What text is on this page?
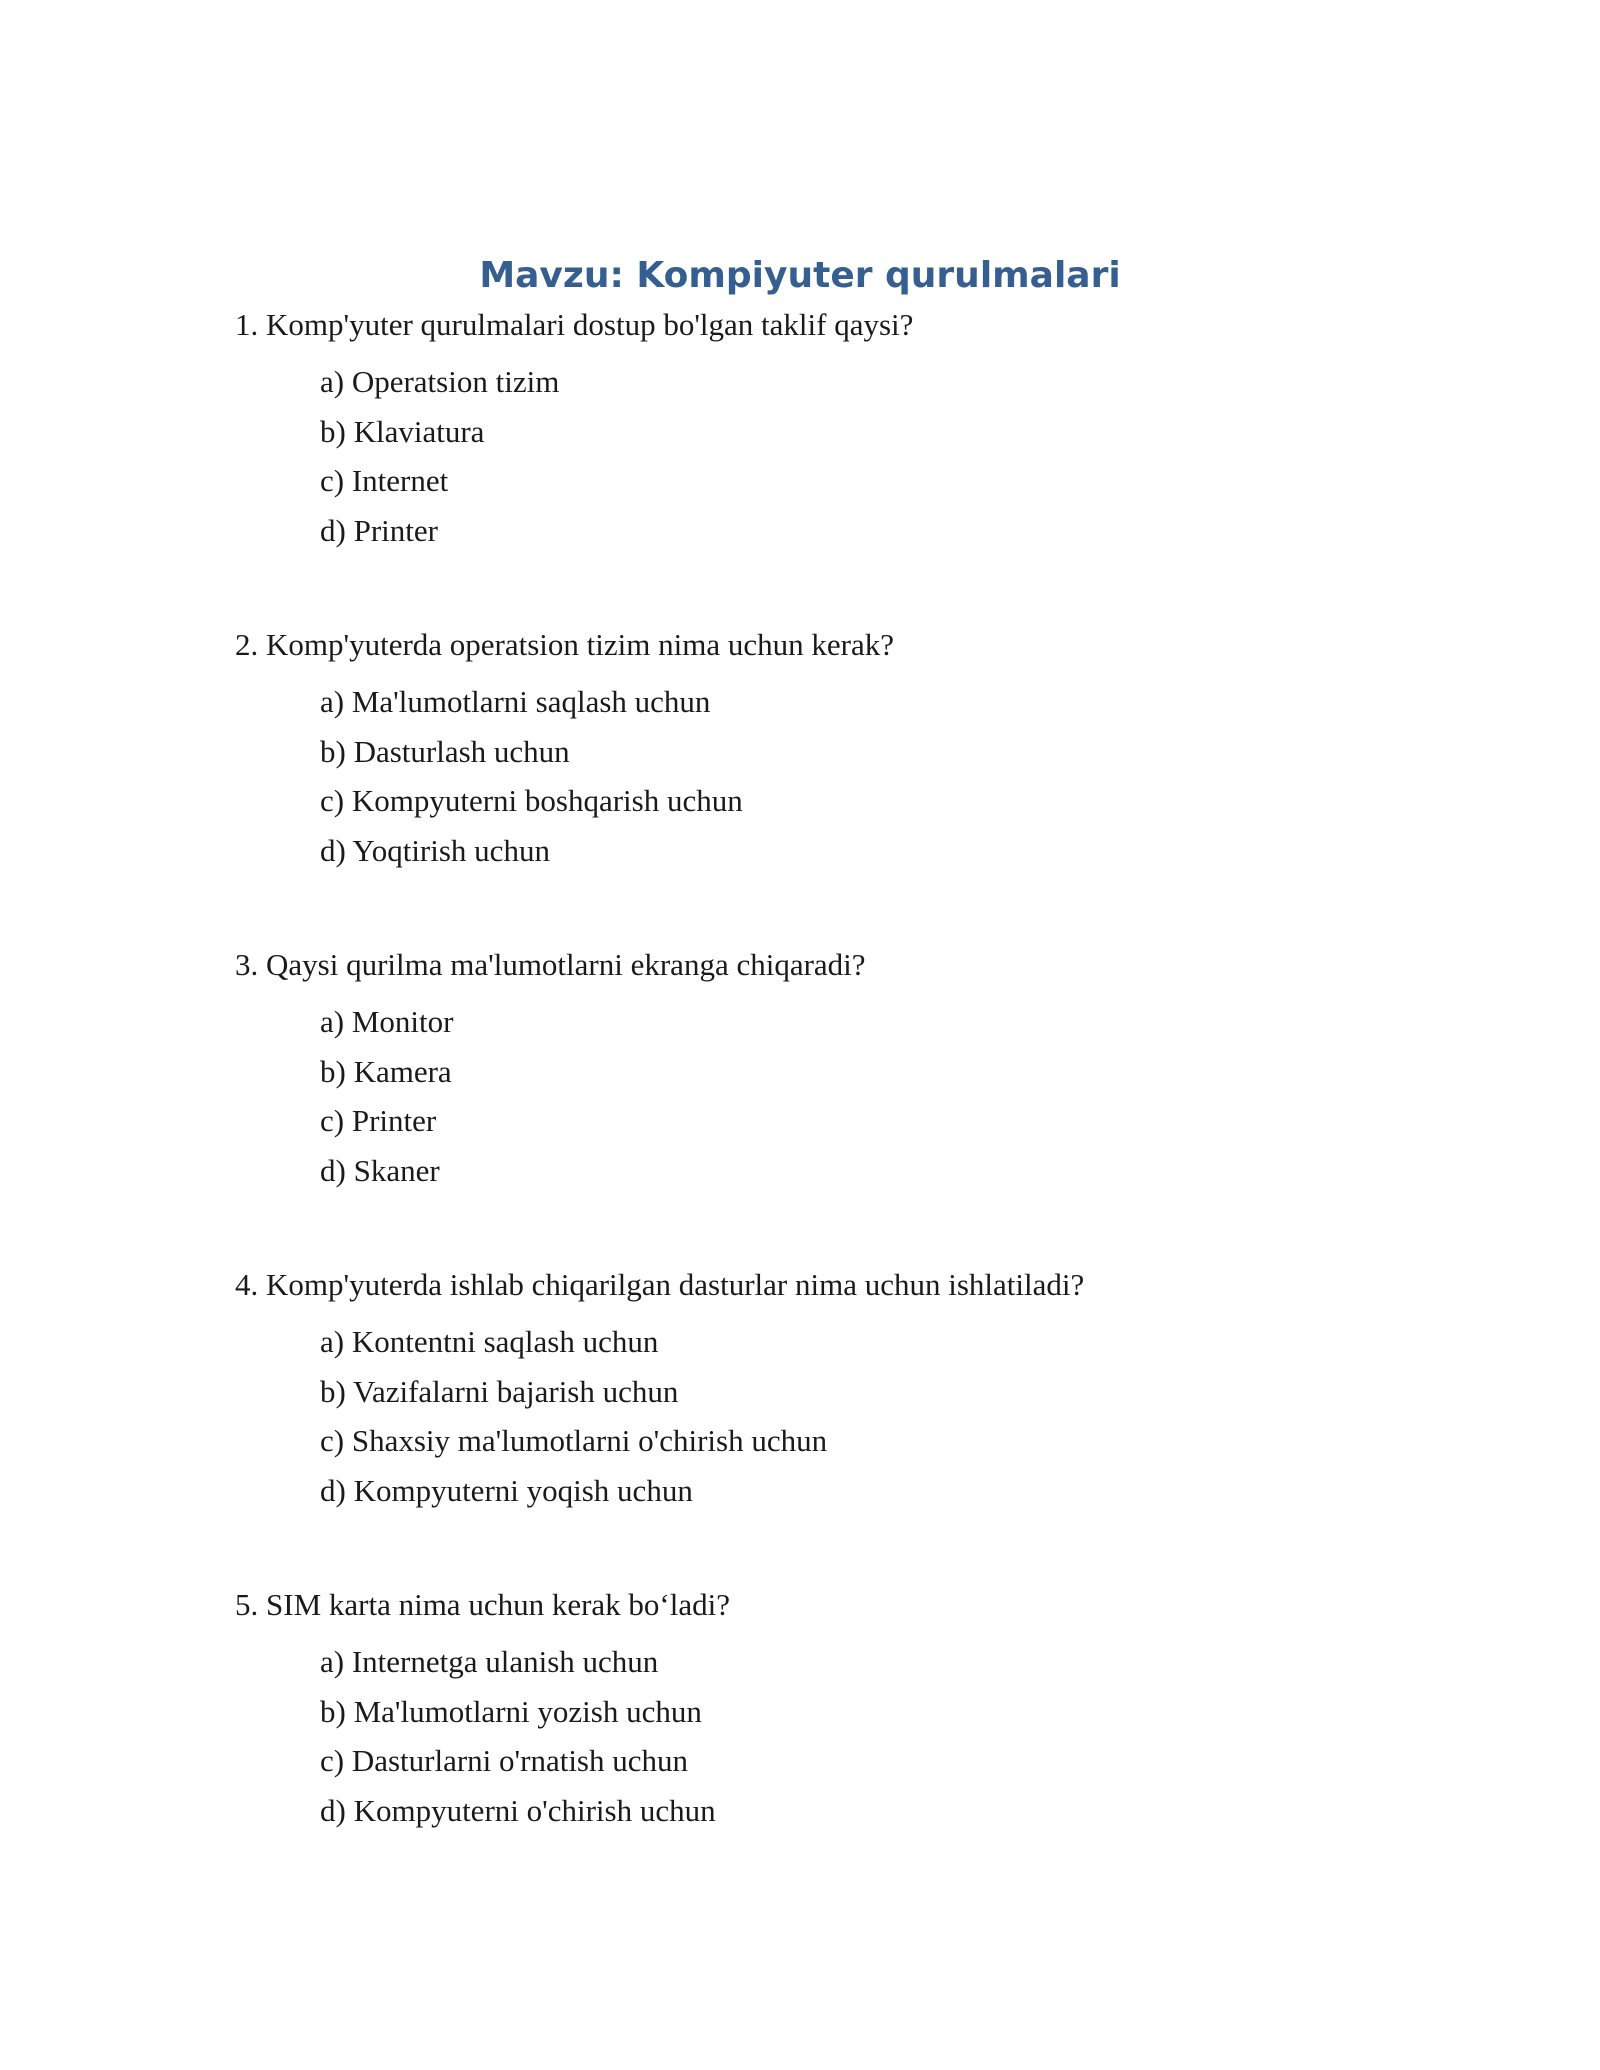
Mavzu: Kompiyuter qurulmalari

1. Komp'yuter qurulmalari dostup bo'lgan taklif qaysi?

a) Operatsion tizim
b) Klaviatura
c) Internet
d) Printer

2. Komp'yuterda operatsion tizim nima uchun kerak?

a) Ma'lumotlarni saqlash uchun
b) Dasturlash uchun
c) Kompyuterni boshqarish uchun
d) Yoqtirish uchun

3. Qaysi qurilma ma'lumotlarni ekranga chiqaradi?

a) Monitor
b) Kamera
c) Printer
d) Skaner

4. Komp'yuterda ishlab chiqarilgan dasturlar nima uchun ishlatiladi?

a) Kontentni saqlash uchun
b) Vazifalarni bajarish uchun
c) Shaxsiy ma'lumotlarni o'chirish uchun
d) Kompyuterni yoqish uchun

5. SIM karta nima uchun kerak bo‘ladi?

a) Internetga ulanish uchun
b) Ma'lumotlarni yozish uchun
c) Dasturlarni o'rnatish uchun
d) Kompyuterni o'chirish uchun
